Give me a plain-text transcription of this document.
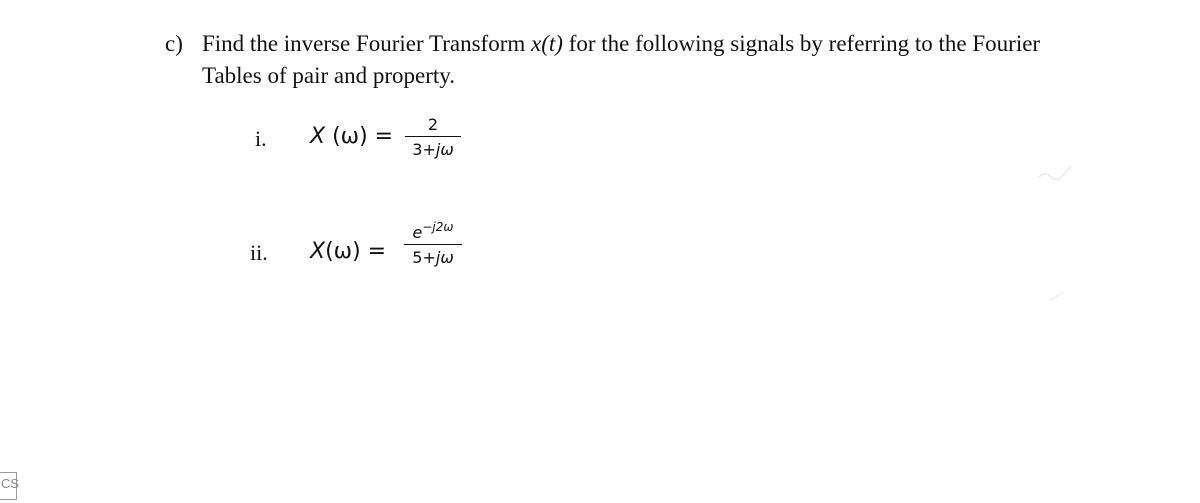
c) Find the inverse Fourier Transform x(t) for the following signals by referring to the Fourier Tables of pair and property.
i. X (ω) =	2
3+jω
ii. X(ω) =
$e^{-j2\omega}$
5+jω
CS
